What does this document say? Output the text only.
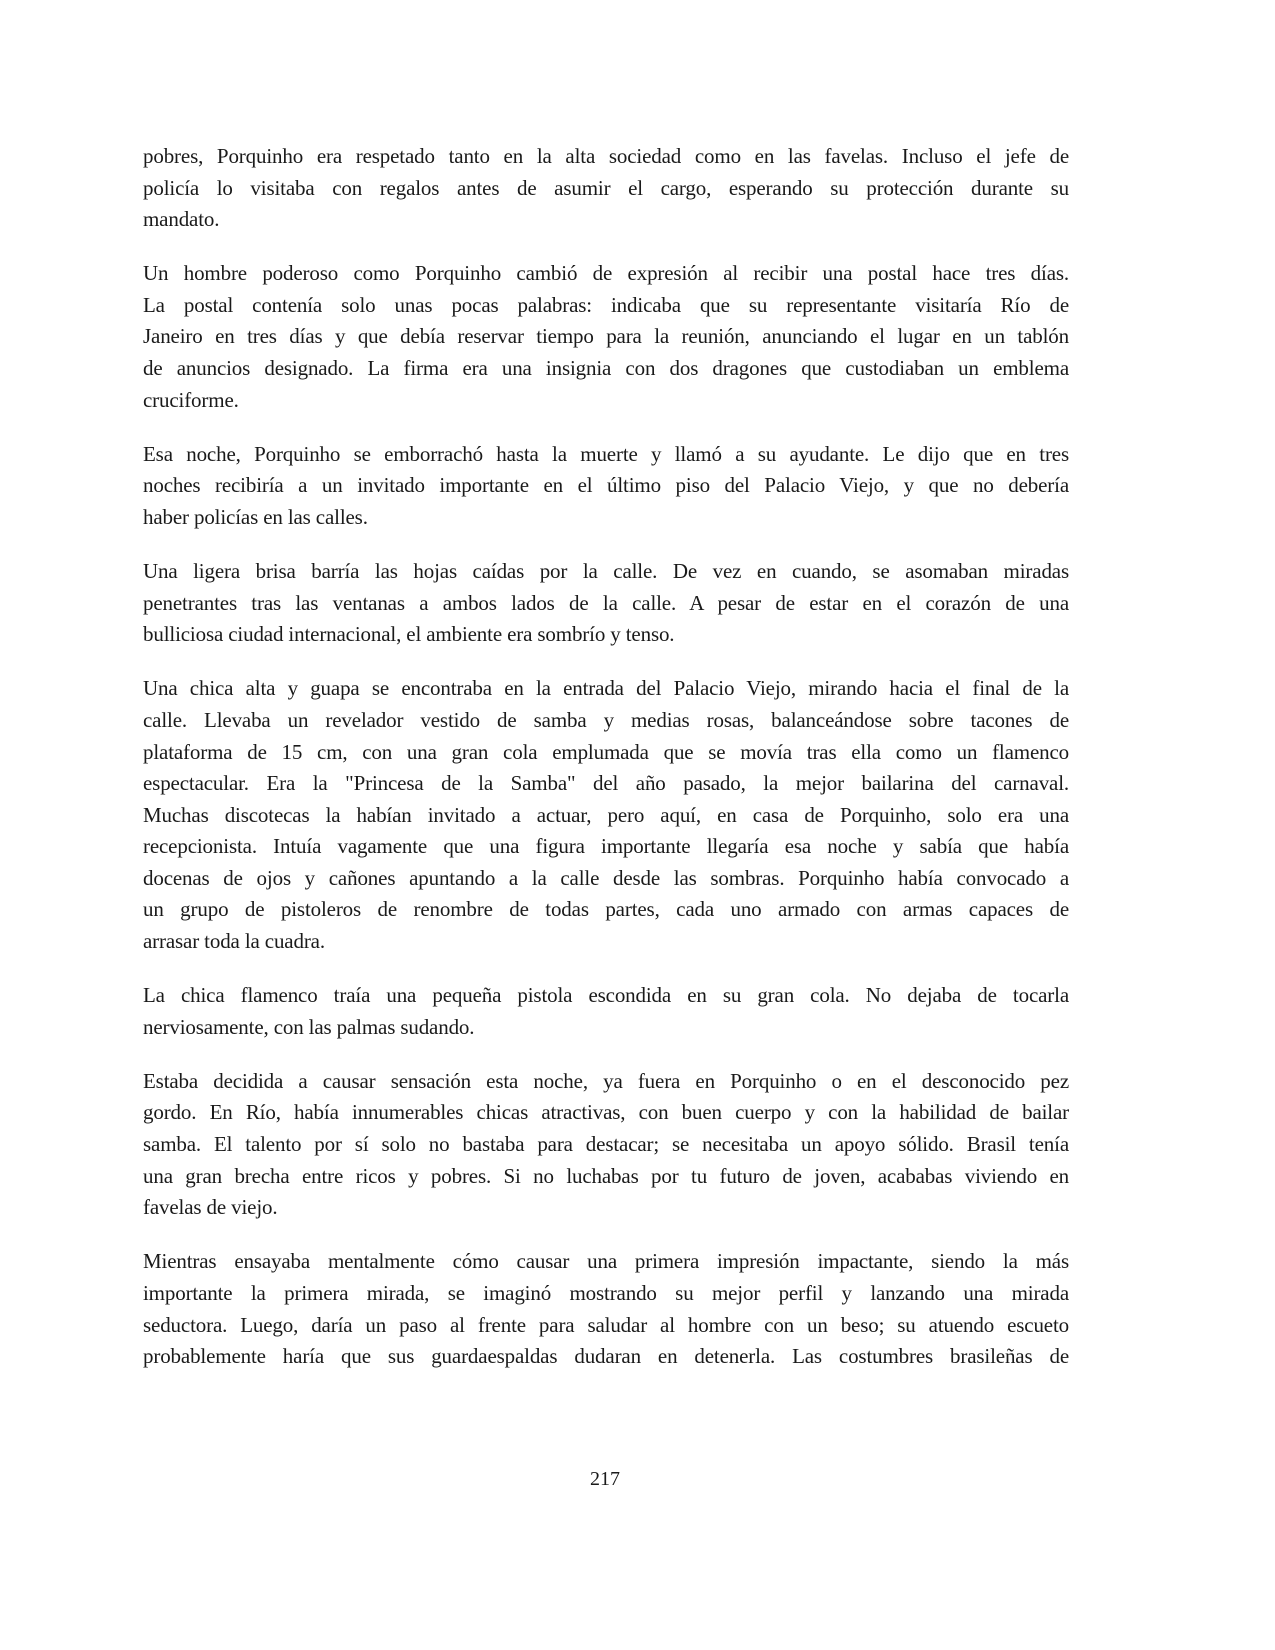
pobres, Porquinho era respetado tanto en la alta sociedad como en las favelas. Incluso el jefe de
policía lo visitaba con regalos antes de asumir el cargo, esperando su protección durante su
mandato.
Un hombre poderoso como Porquinho cambió de expresión al recibir una postal hace tres días.
La postal contenía solo unas pocas palabras: indicaba que su representante visitaría Río de
Janeiro en tres días y que debía reservar tiempo para la reunión, anunciando el lugar en un tablón
de anuncios designado. La firma era una insignia con dos dragones que custodiaban un emblema
cruciforme.
Esa noche, Porquinho se emborrachó hasta la muerte y llamó a su ayudante. Le dijo que en tres
noches recibiría a un invitado importante en el último piso del Palacio Viejo, y que no debería
haber policías en las calles.
Una ligera brisa barría las hojas caídas por la calle. De vez en cuando, se asomaban miradas
penetrantes tras las ventanas a ambos lados de la calle. A pesar de estar en el corazón de una
bulliciosa ciudad internacional, el ambiente era sombrío y tenso.
Una chica alta y guapa se encontraba en la entrada del Palacio Viejo, mirando hacia el final de la
calle. Llevaba un revelador vestido de samba y medias rosas, balanceándose sobre tacones de
plataforma de 15 cm, con una gran cola emplumada que se movía tras ella como un flamenco
espectacular. Era la "Princesa de la Samba" del año pasado, la mejor bailarina del carnaval.
Muchas discotecas la habían invitado a actuar, pero aquí, en casa de Porquinho, solo era una
recepcionista. Intuía vagamente que una figura importante llegaría esa noche y sabía que había
docenas de ojos y cañones apuntando a la calle desde las sombras. Porquinho había convocado a
un grupo de pistoleros de renombre de todas partes, cada uno armado con armas capaces de
arrasar toda la cuadra.
La chica flamenco traía una pequeña pistola escondida en su gran cola. No dejaba de tocarla
nerviosamente, con las palmas sudando.
Estaba decidida a causar sensación esta noche, ya fuera en Porquinho o en el desconocido pez
gordo. En Río, había innumerables chicas atractivas, con buen cuerpo y con la habilidad de bailar
samba. El talento por sí solo no bastaba para destacar; se necesitaba un apoyo sólido. Brasil tenía
una gran brecha entre ricos y pobres. Si no luchabas por tu futuro de joven, acababas viviendo en
favelas de viejo.
Mientras ensayaba mentalmente cómo causar una primera impresión impactante, siendo la más
importante la primera mirada, se imaginó mostrando su mejor perfil y lanzando una mirada
seductora. Luego, daría un paso al frente para saludar al hombre con un beso; su atuendo escueto
probablemente haría que sus guardaespaldas dudaran en detenerla. Las costumbres brasileñas de
217
